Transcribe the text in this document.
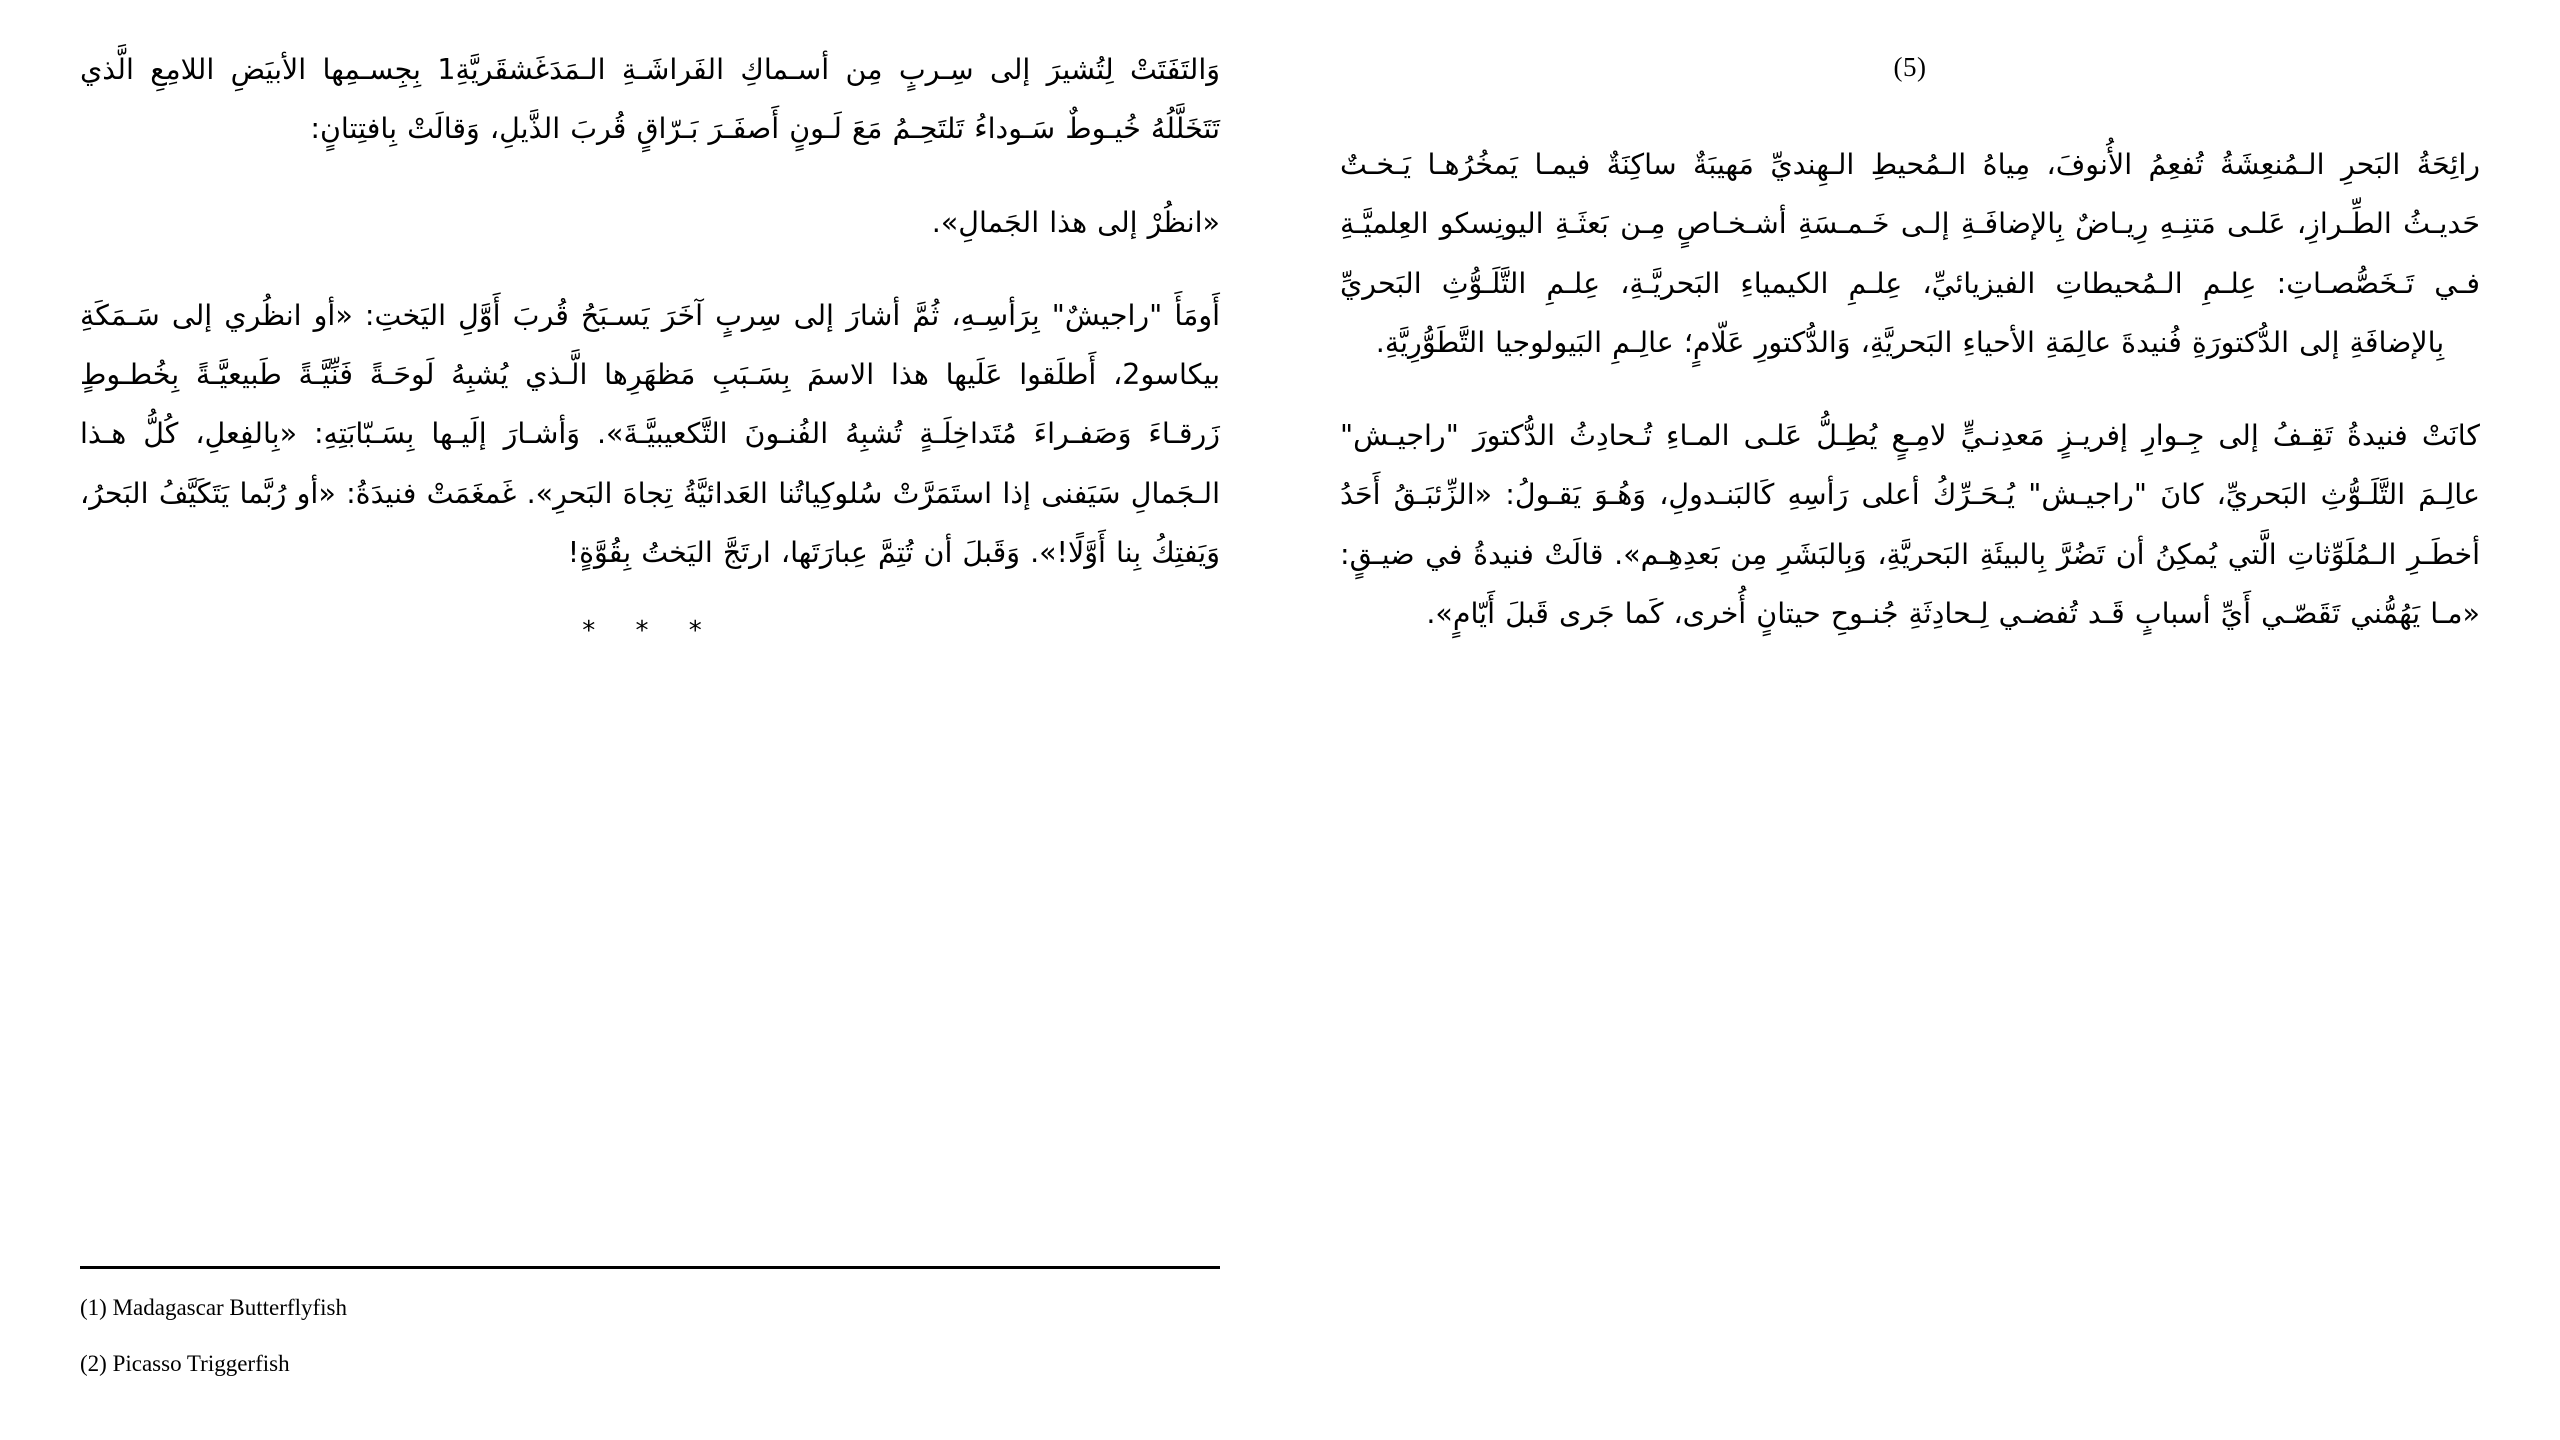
(5)

رائِحَةُ البَحرِ الـمُنعِشَةُ تُفعِمُ الأُنوفَ، مِياهُ الـمُحيطِ الـهِنديِّ مَهيبَةٌ ساكِنَةٌ فيمـا يَمخُرُهـا يَـخـتٌ حَديـثُ الطِّـرازِ، عَلـى مَتنِـهِ رِيـاضٌ بِالإضافَـةِ إلـى خَـمـسَةِ أشـخـاصٍ مِـن بَعثَـةِ اليونِسكو العِلميَّـةِ فـي تَـخَصُّصـاتِ: عِلـمِ الـمُحيطاتِ الفيزيائيِّ، عِلـمِ الكيمياءِ البَحريَّـةِ، عِلـمِ التَّلَـوُّثِ البَحريِّ بِالإضافَةِ إلى الدُّكتورَةِ فُنيدةَ عالِمَةِ الأحياءِ البَحريَّةِ، وَالدُّكتورِ عَلّامٍ؛ عالِـمِ البَيولوجيا التَّطَوُّرِيَّةِ.

كانَتْ فنيدةُ تَقِـفُ إلى جِـوارِ إفريـزٍ مَعدِنـيٍّ لامِـعٍ يُطِـلُّ عَلـى المـاءِ تُـحادِثُ الدُّكتورَ "راجيـش" عالِـمَ التَّلَـوُّثِ البَحريِّ، كانَ "راجيـش" يُـحَـرِّكُ أعلى رَأسِهِ كَالبَنـدولِ، وَهُـوَ يَقـولُ: «الزِّئبَـقُ أَحَدُ أخطَـرِ الـمُلَوِّثاتِ الَّتي يُمكِنُ أن تَضُرَّ بِالبيئَةِ البَحريَّةِ، وَبِالبَشَرِ مِن بَعدِهِـم». قالَتْ فنيدةُ في ضيـقٍ: «مـا يَهُمُّني تَقَصّـي أَيِّ أسبابٍ قَـد تُفضـي لِـحادِثَةِ جُنـوحِ حيتانٍ أُخرى، كَما جَرى قَبلَ أَيّامٍ».

وَالتَفَتَتْ لِتُشيرَ إلى سِـربٍ مِن أسـماكِ الفَراشَـةِ الـمَدَغَشقَريَّةِ1 بِجِسـمِها الأبيَضِ اللامِعِ الَّذي تَتَخَلَّلُهُ خُيـوطٌ سَـوداءُ تَلتَحِـمُ مَعَ لَـونٍ أَصفَـرَ بَـرّاقٍ قُربَ الذَّيلِ، وَقالَتْ بِافتِتانٍ:

«انظُرْ إلى هذا الجَمالِ».

أَومَأَ "راجيشٌ" بِرَأسِـهِ، ثُمَّ أشارَ إلى سِربٍ آخَرَ يَسـبَحُ قُربَ أَوَّلِ اليَختِ: «أو انظُري إلى سَـمَكَةِ بيكاسو2، أَطلَقوا عَلَيها هذا الاسمَ بِسَـبَبِ مَظهَرِها الَّـذي يُشبِهُ لَوحَـةً فَنِّيَّـةً طَبيعيَّـةً بِخُطـوطٍ زَرقـاءَ وَصَفـراءَ مُتَداخِلَـةٍ تُشبِهُ الفُنـونَ التَّكعيبيَّـةَ». وَأشـارَ إلَيـها بِسَـبّابَتِهِ: «بِالفِعلِ، كُلُّ هـذا الـجَمالِ سَيَفنى إذا استَمَرَّتْ سُلوكِياتُنا العَدائيَّةُ تِجاهَ البَحرِ». غَمغَمَتْ فنيدَةُ: «أو رُبَّما يَتَكَيَّفُ البَحرُ، وَيَفتِكُ بِنا أَوَّلًا!». وَقَبلَ أن تُتِمَّ عِبارَتَها، ارتَجَّ اليَختُ بِقُوَّةٍ!

* * *

(1) Madagascar Butterflyfish

(2) Picasso Triggerfish
